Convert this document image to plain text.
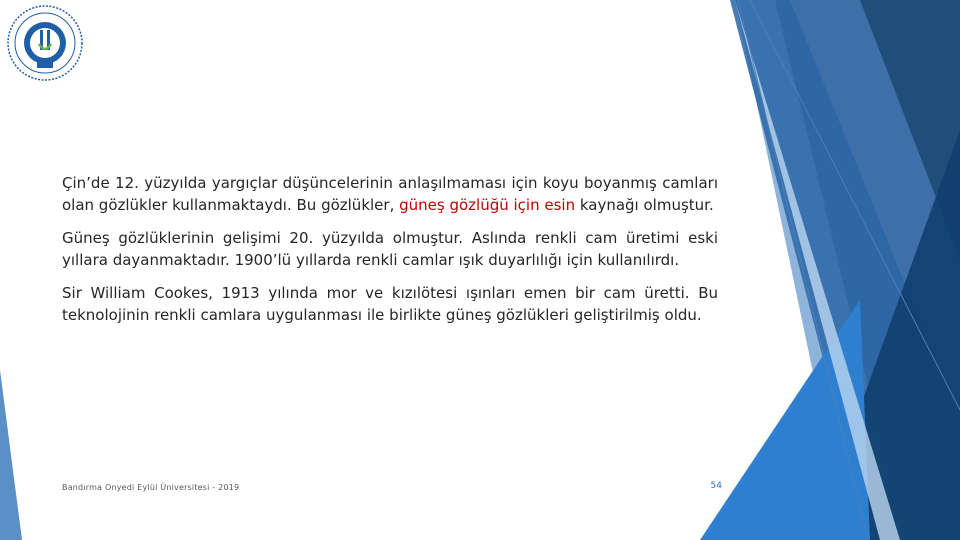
Çin’de 12. yüzyılda yargıçlar düşüncelerinin anlaşılmaması için koyu boyanmış camları olan gözlükler kullanmaktaydı. Bu gözlükler, güneş gözlüğü için esin kaynağı olmuştur.

Güneş gözlüklerinin gelişimi 20. yüzyılda olmuştur. Aslında renkli cam üretimi eski yıllara dayanmaktadır. 1900’lü yıllarda renkli camlar ışık duyarlılığı için kullanılırdı.

Sir William Cookes, 1913 yılında mor ve kızılötesi ışınları emen bir cam üretti. Bu teknolojinin renkli camlara uygulanması ile birlikte güneş gözlükleri geliştirilmiş oldu.

Bandırma Onyedi Eylül Üniversitesi - 2019	54
